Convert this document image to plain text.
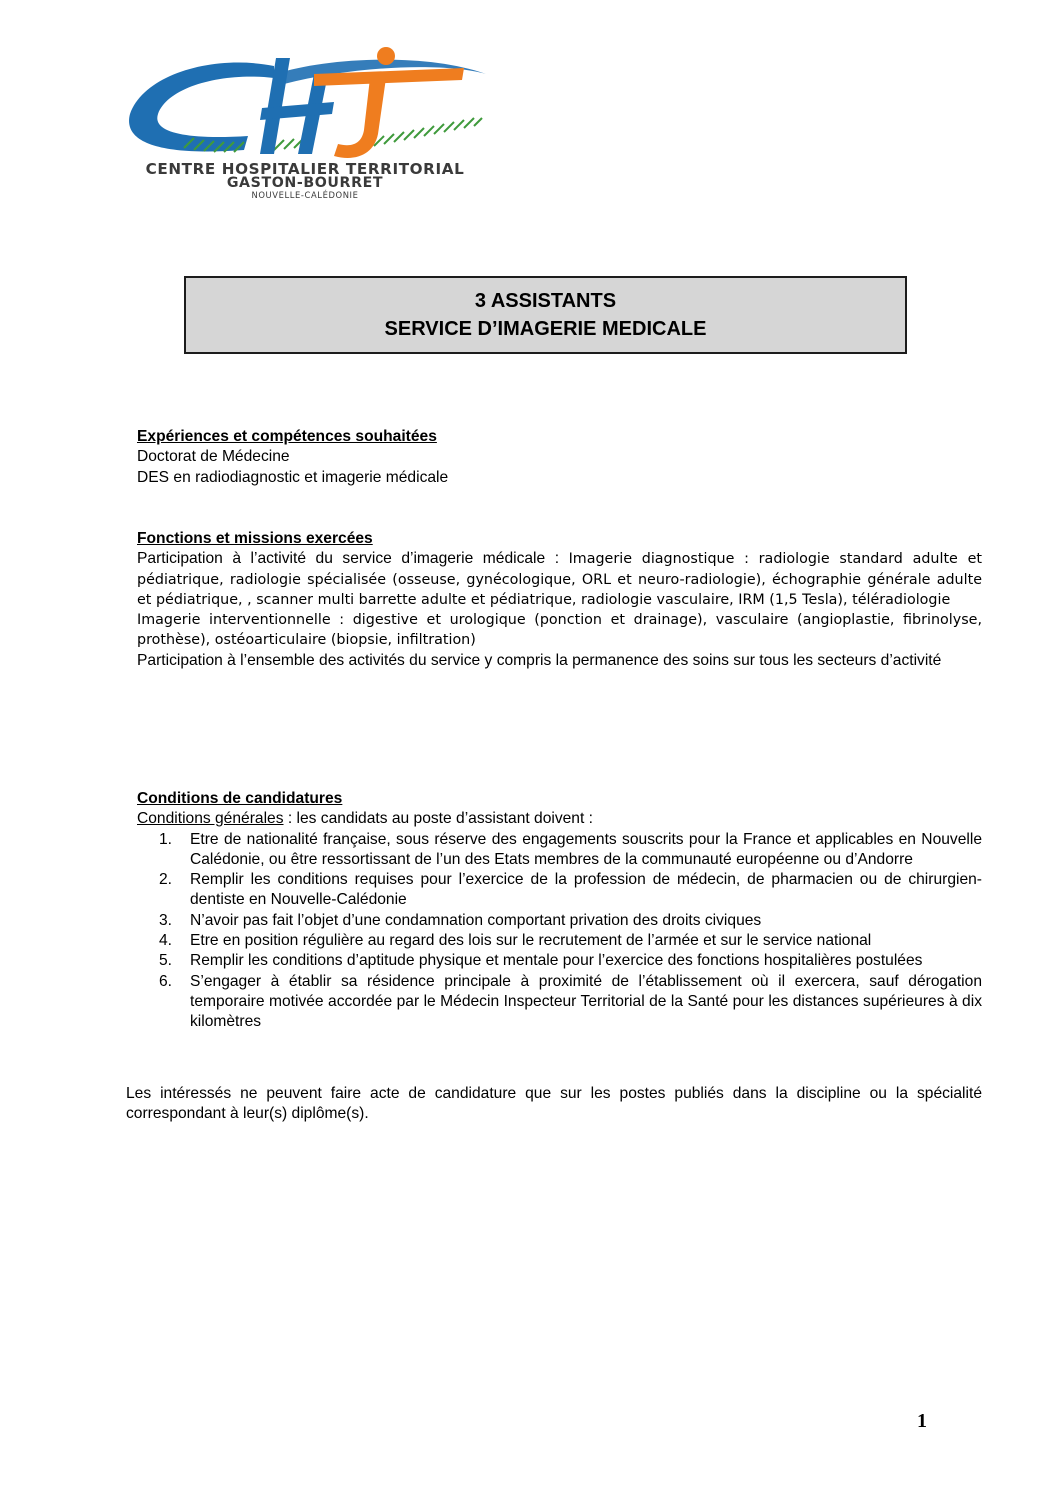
CENTRE HOSPITALIER TERRITORIAL
GASTON-BOURRET
NOUVELLE-CALÉDONIE
3 ASSISTANTS
SERVICE D’IMAGERIE MEDICALE
Expériences et compétences souhaitées
Doctorat de Médecine
DES en radiodiagnostic et imagerie médicale
Fonctions et missions exercées
Participation à l’activité du service d’imagerie médicale : Imagerie diagnostique : radiologie standard adulte et pédiatrique, radiologie spécialisée (osseuse, gynécologique, ORL et neuro-radiologie), échographie générale adulte et pédiatrique, , scanner multi barrette adulte et pédiatrique, radiologie vasculaire, IRM (1,5 Tesla), téléradiologie
Imagerie interventionnelle : digestive et urologique (ponction et drainage), vasculaire (angioplastie, fibrinolyse, prothèse), ostéoarticulaire (biopsie, infiltration)
Participation à l’ensemble des activités du service y compris la permanence des soins sur tous les secteurs d’activité
Conditions de candidatures
Conditions générales : les candidats au poste d’assistant doivent :
1. Etre de nationalité française, sous réserve des engagements souscrits pour la France et applicables en Nouvelle Calédonie, ou être ressortissant de l’un des Etats membres de la communauté européenne ou d’Andorre
2. Remplir les conditions requises pour l’exercice de la profession de médecin, de pharmacien ou de chirurgien-dentiste en Nouvelle-Calédonie
3. N’avoir pas fait l’objet d’une condamnation comportant privation des droits civiques
4. Etre en position régulière au regard des lois sur le recrutement de l’armée et sur le service national
5. Remplir les conditions d’aptitude physique et mentale pour l’exercice des fonctions hospitalières postulées
6. S’engager à établir sa résidence principale à proximité de l’établissement où il exercera, sauf dérogation temporaire motivée accordée par le Médecin Inspecteur Territorial de la Santé pour les distances supérieures à dix kilomètres
Les intéressés ne peuvent faire acte de candidature que sur les postes publiés dans la discipline ou la spécialité correspondant à leur(s) diplôme(s).
1
